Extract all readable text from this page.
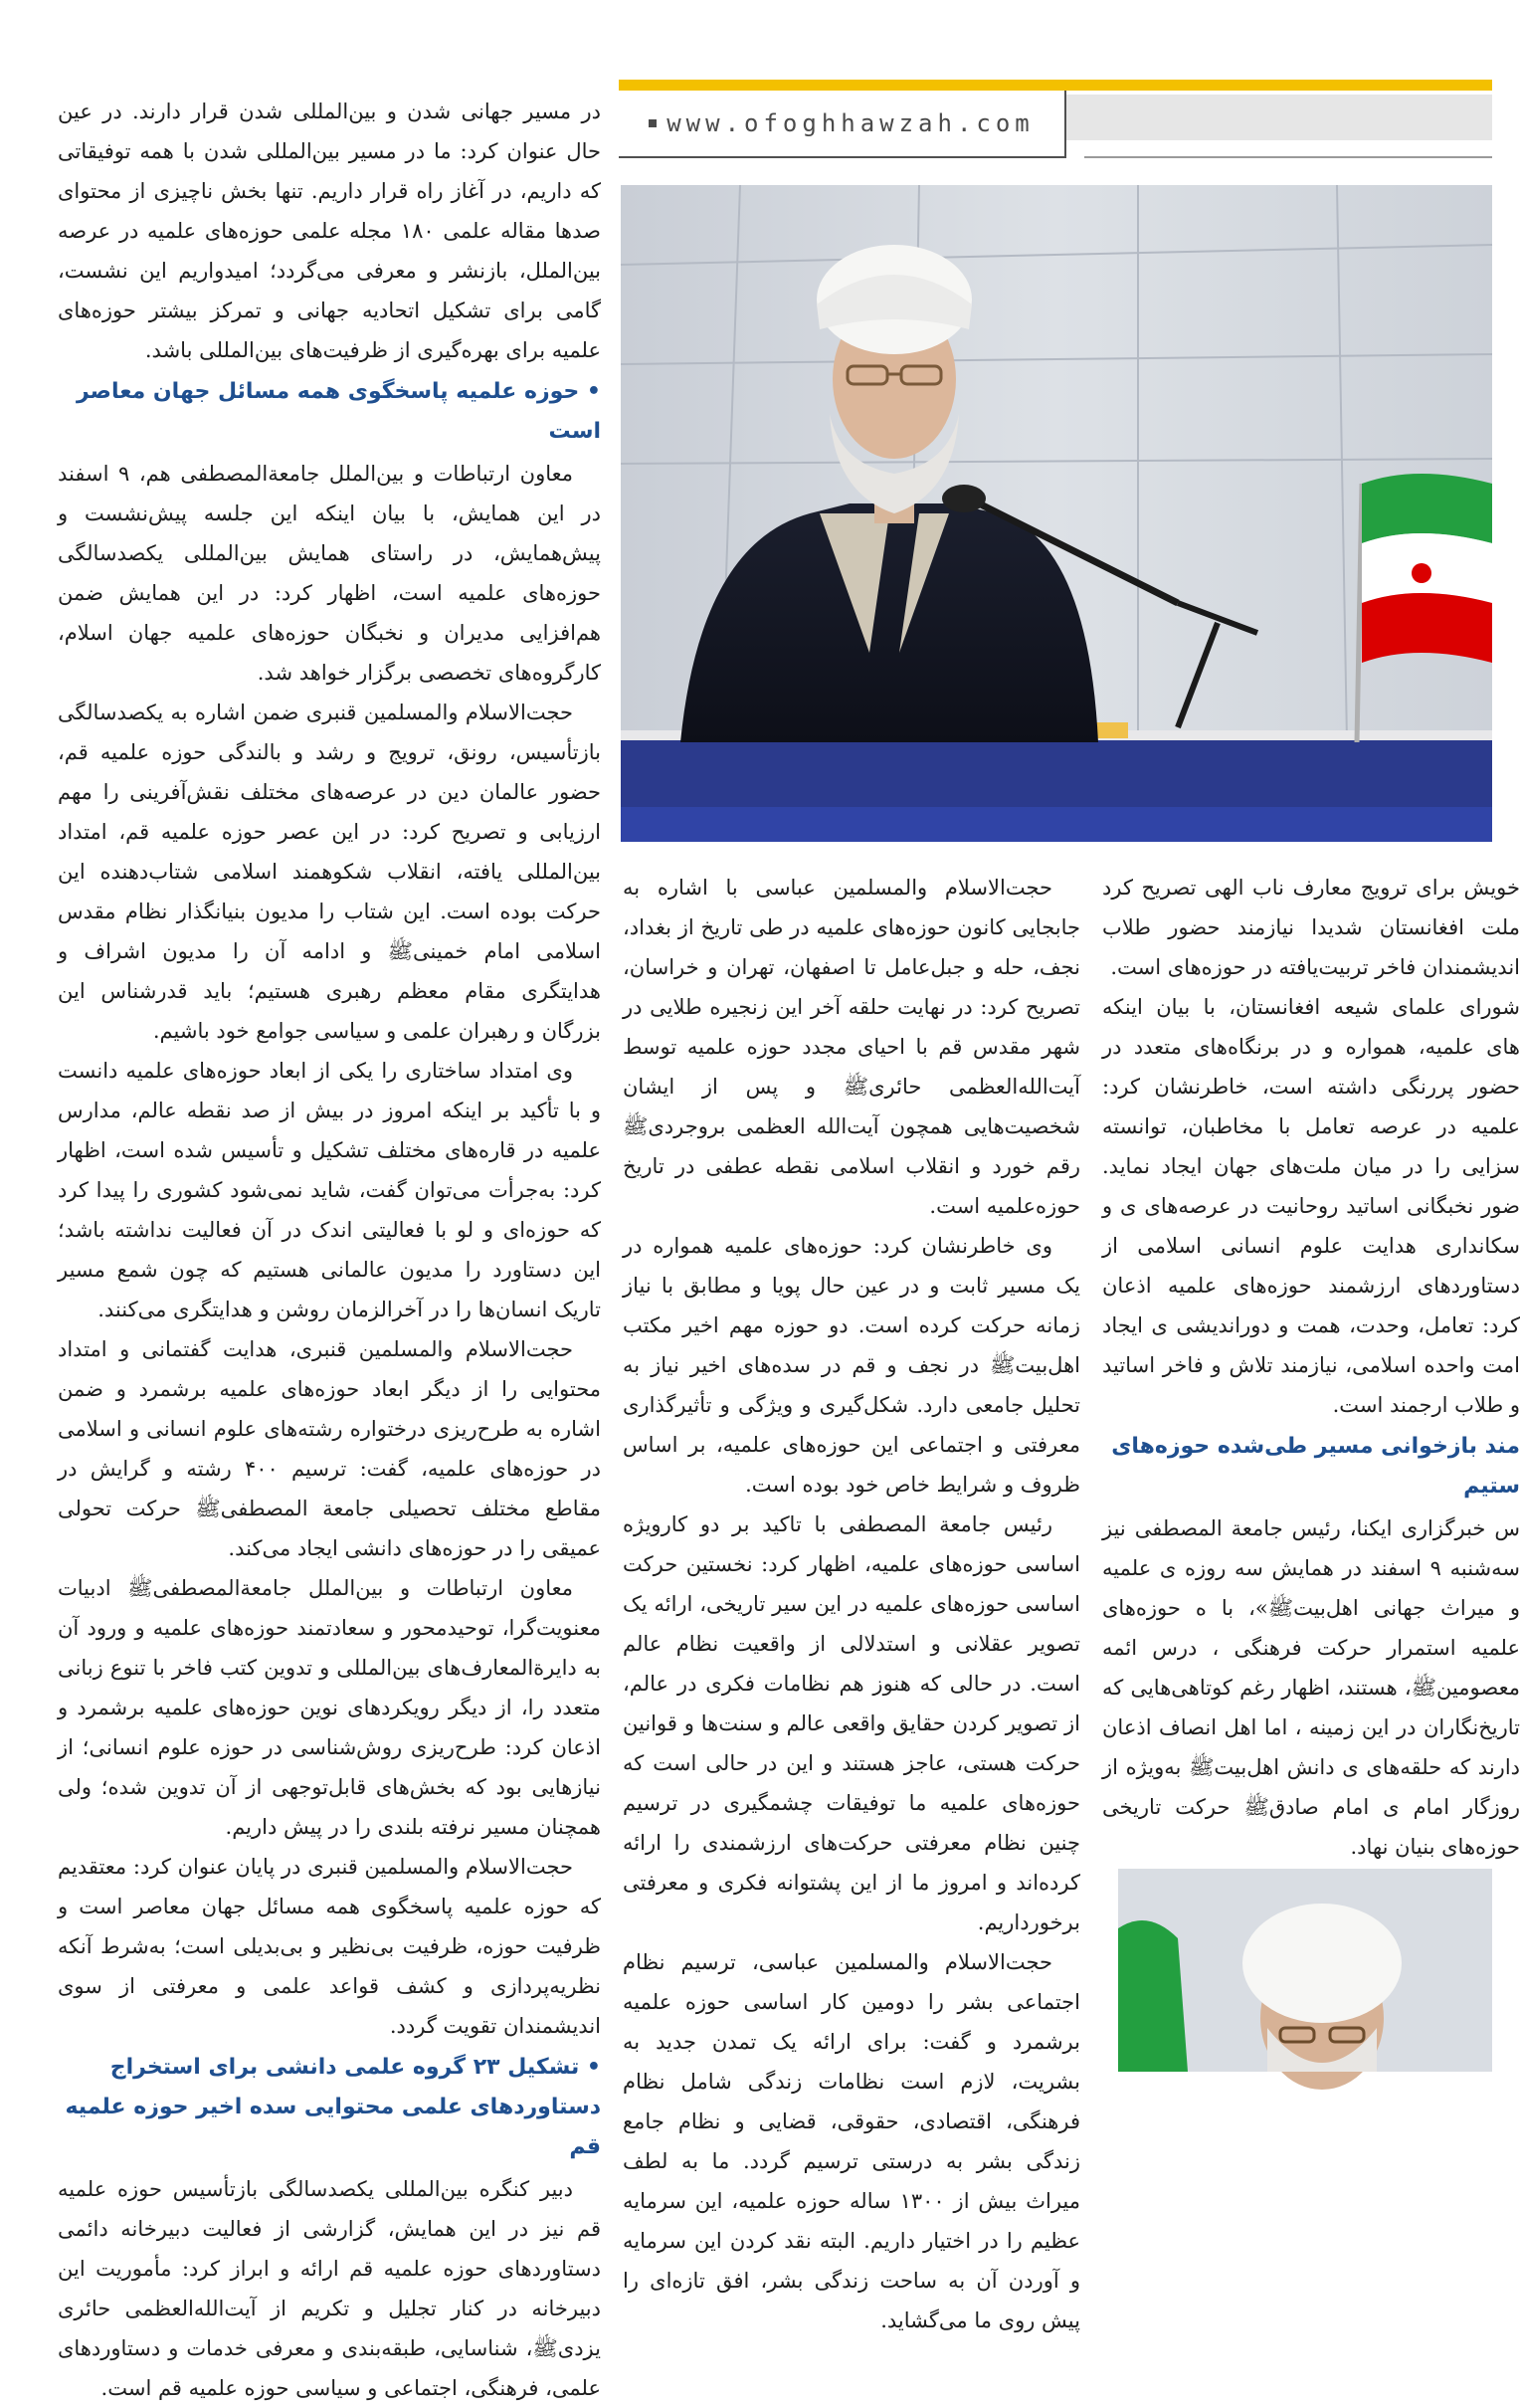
www.ofoghhawzah.com

در مسیر جهانی شدن و بین‌المللی شدن قرار دارند. در عین حال عنوان کرد: ما در مسیر بین‌المللی شدن با همه توفیقاتی که داریم، در آغاز راه قرار داریم. تنها بخش ناچیزی از محتوای صدها مقاله علمی ۱۸۰ مجله علمی حوزه‌های علمیه در عرصه بین‌الملل، بازنشر و معرفی می‌گردد؛ امیدواریم این نشست، گامی برای تشکیل اتحادیه جهانی و تمرکز بیشتر حوزه‌های علمیه برای بهره‌گیری از ظرفیت‌های بین‌المللی باشد.

• حوزه علمیه پاسخگوی همه مسائل جهان معاصر است

معاون ارتباطات و بین‌الملل جامعةالمصطفی هم، ۹ اسفند در این همایش، با بیان اینکه این جلسه پیش‌نشست و پیش‌همایش، در راستای همایش بین‌المللی یکصدسالگی حوزه‌های علمیه است، اظهار کرد: در این همایش ضمن هم‌افزایی مدیران و نخبگان حوزه‌های علمیه جهان اسلام، کارگروه‌های تخصصی برگزار خواهد شد.

حجت‌الاسلام والمسلمین قنبری ضمن اشاره به یکصدسالگی بازتأسیس، رونق، ترویج و رشد و بالندگی حوزه علمیه قم، حضور عالمان دین در عرصه‌های مختلف نقش‌آفرینی را مهم ارزیابی و تصریح کرد: در این عصر حوزه علمیه قم، امتداد بین‌المللی یافته، انقلاب شکوهمند اسلامی شتاب‌دهنده این حرکت بوده است. این شتاب را مدیون بنیانگذار نظام مقدس اسلامی امام خمینیﷺ و ادامه آن را مدیون اشراف و هدایتگری مقام معظم رهبری هستیم؛ باید قدرشناس این بزرگان و رهبران علمی و سیاسی جوامع خود باشیم.

وی امتداد ساختاری را یکی از ابعاد حوزه‌های علمیه دانست و با تأکید بر اینکه امروز در بیش از صد نقطه عالم، مدارس علمیه در قاره‌های مختلف تشکیل و تأسیس شده است، اظهار کرد: به‌جرأت می‌توان گفت، شاید نمی‌شود کشوری را پیدا کرد که حوزه‌ای و لو با فعالیتی اندک در آن فعالیت نداشته باشد؛ این دستاورد را مدیون عالمانی هستیم که چون شمع مسیر تاریک انسان‌ها را در آخرالزمان روشن و هدایتگری می‌کنند.

حجت‌الاسلام والمسلمین قنبری، هدایت گفتمانی و امتداد محتوایی را از دیگر ابعاد حوزه‌های علمیه برشمرد و ضمن اشاره به طرح‌ریزی درختواره رشته‌های علوم انسانی و اسلامی در حوزه‌های علمیه، گفت: ترسیم ۴۰۰ رشته و گرایش در مقاطع مختلف تحصیلی جامعة المصطفیﷺ حرکت تحولی عمیقی را در حوزه‌های دانشی ایجاد می‌کند.

معاون ارتباطات و بین‌الملل جامعةالمصطفیﷺ ادبیات معنویت‌گرا، توحیدمحور و سعادتمند حوزه‌های علمیه و ورود آن به دایرةالمعارف‌های بین‌المللی و تدوین کتب فاخر با تنوع زبانی متعدد را، از دیگر رویکردهای نوین حوزه‌های علمیه برشمرد و اذعان کرد: طرح‌ریزی روش‌شناسی در حوزه علوم انسانی؛ از نیازهایی بود که بخش‌های قابل‌توجهی از آن تدوین شده؛ ولی همچنان مسیر نرفته بلندی را در پیش داریم.

حجت‌الاسلام والمسلمین قنبری در پایان عنوان کرد: معتقدیم که حوزه علمیه پاسخگوی همه مسائل جهان معاصر است و ظرفیت حوزه، ظرفیت بی‌نظیر و بی‌بدیلی است؛ به‌شرط آنکه نظریه‌پردازی و کشف قواعد علمی و معرفتی از سوی اندیشمندان تقویت گردد.

• تشکیل ۲۳ گروه علمی دانشی برای استخراج دستاوردهای علمی محتوایی سده اخیر حوزه علمیه قم

دبیر کنگره بین‌المللی یکصدسالگی بازتأسیس حوزه علمیه قم نیز در این همایش، گزارشی از فعالیت دبیرخانه دائمی دستاوردهای حوزه علمیه قم ارائه و ابراز کرد: مأموریت این دبیرخانه در کنار تجلیل و تکریم از آیت‌الله‌العظمی حائری یزدیﷺ، شناسایی، طبقه‌بندی و معرفی خدمات و دستاوردهای علمی، فرهنگی، اجتماعی و سیاسی حوزه علمیه قم است.

حجت‌الاسلام والمسلمین عباسی با اشاره به جابجایی کانون حوزه‌های علمیه در طی تاریخ از بغداد، نجف، حله و جبل‌عامل تا اصفهان، تهران و خراسان، تصریح کرد: در نهایت حلقه آخر این زنجیره طلایی در شهر مقدس قم با احیای مجدد حوزه علمیه توسط آیت‌الله‌العظمی حائریﷺ و پس از ایشان شخصیت‌هایی همچون آیت‌الله العظمی بروجردیﷺ رقم خورد و انقلاب اسلامی نقطه عطفی در تاریخ حوزه‌علمیه است.

وی خاطرنشان کرد: حوزه‌های علمیه همواره در یک مسیر ثابت و در عین حال پویا و مطابق با نیاز زمانه حرکت کرده است. دو حوزه مهم اخیر مکتب اهل‌بیتﷺ در نجف و قم در سده‌های اخیر نیاز به تحلیل جامعی دارد. شکل‌گیری و ویژگی و تأثیرگذاری معرفتی و اجتماعی این حوزه‌های علمیه، بر اساس ظروف و شرایط خاص خود بوده است.

رئیس جامعة المصطفی با تاکید بر دو کارویژه اساسی حوزه‌های علمیه، اظهار کرد: نخستین حرکت اساسی حوزه‌های علمیه در این سیر تاریخی، ارائه یک تصویر عقلانی و استدلالی از واقعیت نظام عالم است. در حالی که هنوز هم نظامات فکری در عالم، از تصویر کردن حقایق واقعی عالم و سنت‌ها و قوانین حرکت هستی، عاجز هستند و این در حالی است که حوزه‌های علمیه ما توفیقات چشمگیری در ترسیم چنین نظام معرفتی حرکت‌های ارزشمندی را ارائه کرده‌اند و امروز ما از این پشتوانه فکری و معرفتی برخورداریم.

حجت‌الاسلام والمسلمین عباسی، ترسیم نظام اجتماعی بشر را دومین کار اساسی حوزه علمیه برشمرد و گفت: برای ارائه یک تمدن جدید به بشریت، لازم است نظامات زندگی شامل نظام فرهنگی، اقتصادی، حقوقی، قضایی و نظام جامع زندگی بشر به درستی ترسیم گردد. ما به لطف میراث بیش از ۱۳۰۰ ساله حوزه علمیه، این سرمایه عظیم را در اختیار داریم. البته نقد کردن این سرمایه و آوردن آن به ساحت زندگی بشر، افق تازه‌ای را پیش روی ما می‌گشاید.

خویش برای ترویج معارف ناب الهی تصریح کرد ملت افغانستان شدیدا نیازمند حضور طلاب اندیشمندان فاخر تربیت‌یافته در حوزه‌های است.

شورای علمای شیعه افغانستان، با بیان اینکه های علمیه، همواره و در برنگاه‌های متعدد در حضور پررنگی داشته است، خاطرنشان کرد: علمیه در عرصه تعامل با مخاطبان، توانسته سزایی را در میان ملت‌های جهان ایجاد نماید. ضور نخبگانی اساتید روحانیت در عرصه‌های ی و سکانداری هدایت علوم انسانی اسلامی از دستاوردهای ارزشمند حوزه‌های علمیه اذعان کرد: تعامل، وحدت، همت و دوراندیشی ی ایجاد امت واحده اسلامی، نیازمند تلاش و فاخر اساتید و طلاب ارجمند است.

مند بازخوانی مسیر طی‌شده حوزه‌های ستیم

س خبرگزاری ایکنا، رئیس جامعة المصطفی نیز سه‌شنبه ۹ اسفند در همایش سه روزه ی علمیه و میراث جهانی اهل‌بیتﷺ»، با ه حوزه‌های علمیه استمرار حرکت فرهنگی ، درس ائمه معصومینﷺ، هستند، اظهار رغم کوتاهی‌هایی که تاریخ‌نگاران در این زمینه ، اما اهل انصاف اذعان دارند که حلقه‌های ی دانش اهل‌بیتﷺ به‌ویژه از روزگار امام ی امام صادقﷺ حرکت تاریخی حوزه‌های بنیان نهاد.
